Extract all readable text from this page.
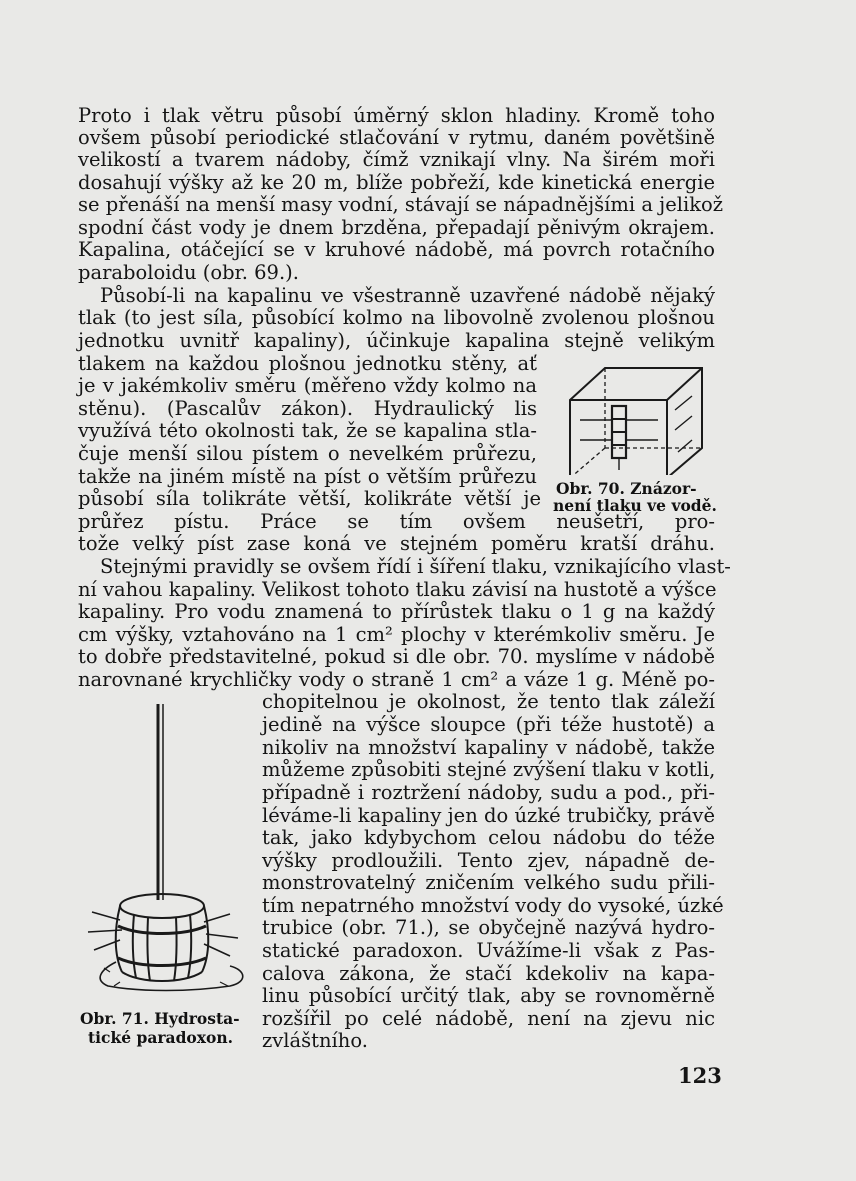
Proto i tlak větru působí úměrný sklon hladiny. Kromě toho
ovšem působí periodické stlačování v rytmu, daném povětšině
velikostí a tvarem nádoby, čímž vznikají vlny. Na širém moři
dosahují výšky až ke 20 m, blíže pobřeží, kde kinetická energie
se přenáší na menší masy vodní, stávají se nápadnějšími a jelikož
spodní část vody je dnem brzděna, přepadají pěnivým okrajem.
Kapalina, otáčející se v kruhové nádobě, má povrch rotačního
paraboloidu (obr. 69.).
Působí-li na kapalinu ve všestranně uzavřené nádobě nějaký
tlak (to jest síla, působící kolmo na libovolně zvolenou plošnou
jednotku uvnitř kapaliny), účinkuje kapalina stejně velikým
tlakem na každou plošnou jednotku stěny, ať
je v jakémkoliv směru (měřeno vždy kolmo na
stěnu). (Pascalův zákon). Hydraulický lis
využívá této okolnosti tak, že se kapalina stla-
čuje menší silou pístem o nevelkém průřezu,
takže na jiném místě na píst o větším průřezu
působí síla tolikráte větší, kolikráte větší je Obr. 70. Znázor-
není tlaku ve vodě.
průřez pístu. Práce se tím ovšem neušetří, pro-
tože velký píst zase koná ve stejném poměru kratší dráhu.
Stejnými pravidly se ovšem řídí i šíření tlaku, vznikajícího vlast-
ní vahou kapaliny. Velikost tohoto tlaku závisí na hustotě a výšce
kapaliny. Pro vodu znamená to přírůstek tlaku o 1 g na každý
cm výšky, vztahováno na 1 cm² plochy v kterémkoliv směru. Je
to dobře představitelné, pokud si dle obr. 70. myslíme v nádobě
narovnané krychličky vody o straně 1 cm² a váze 1 g. Méně po-
chopitelnou je okolnost, že tento tlak záleží
jedině na výšce sloupce (při téže hustotě) a
nikoliv na množství kapaliny v nádobě, takže
můžeme způsobiti stejné zvýšení tlaku v kotli,
případně i roztržení nádoby, sudu a pod., při-
léváme-li kapaliny jen do úzké trubičky, právě
tak, jako kdybychom celou nádobu do téže
výšky prodloužili. Tento zjev, nápadně de-
monstrovatelný zničením velkého sudu přili-
tím nepatrného množství vody do vysoké, úzké
trubice (obr. 71.), se obyčejně nazývá hydro-
statické paradoxon. Uvážíme-li však z Pas-
calova zákona, že stačí kdekoliv na kapa-
linu působící určitý tlak, aby se rovnoměrně
rozšířil po celé nádobě, není na zjevu nic
zvláštního.
Obr. 71. Hydrosta-
tické paradoxon.
123
